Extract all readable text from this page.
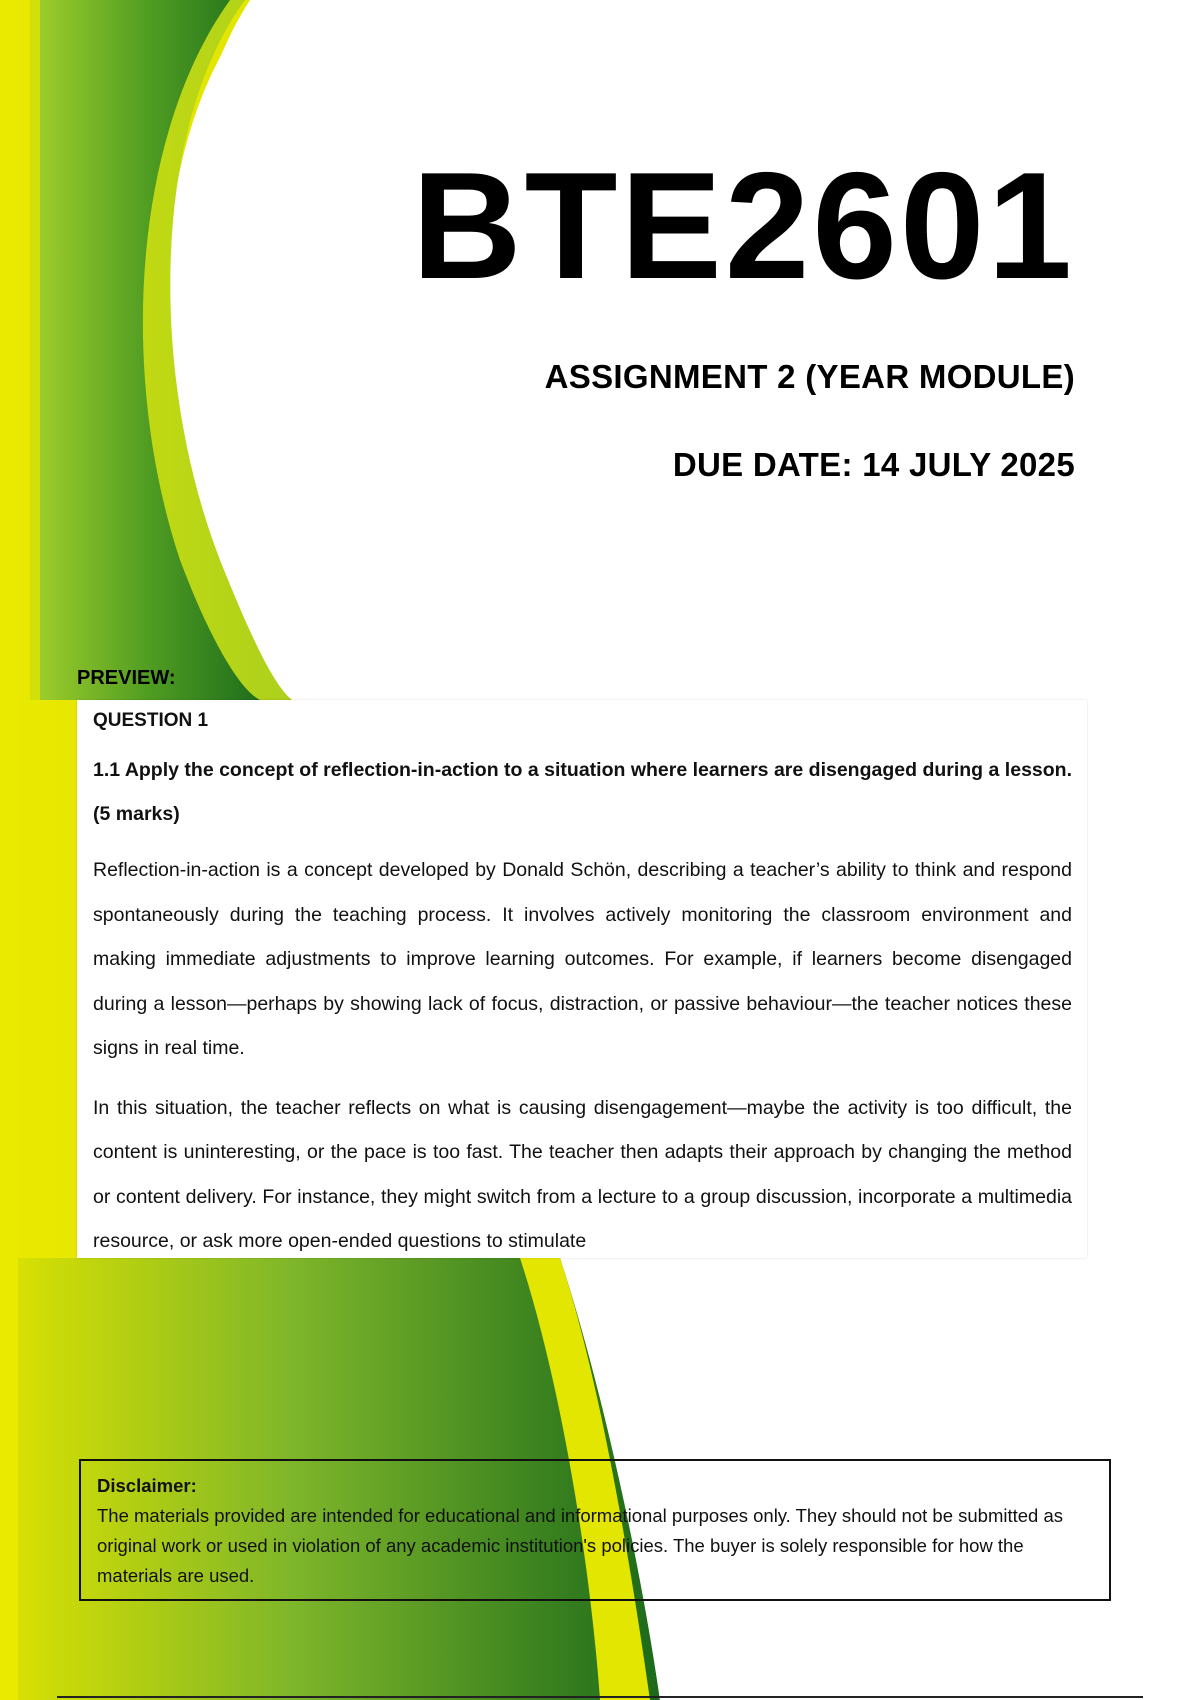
BTE2601
ASSIGNMENT 2 (YEAR MODULE)
DUE DATE: 14 JULY 2025
PREVIEW:
QUESTION 1
1.1 Apply the concept of reflection-in-action to a situation where learners are disengaged during a lesson. (5 marks)

Reflection-in-action is a concept developed by Donald Schön, describing a teacher’s ability to think and respond spontaneously during the teaching process. It involves actively monitoring the classroom environment and making immediate adjustments to improve learning outcomes. For example, if learners become disengaged during a lesson—perhaps by showing lack of focus, distraction, or passive behaviour—the teacher notices these signs in real time.

In this situation, the teacher reflects on what is causing disengagement—maybe the activity is too difficult, the content is uninteresting, or the pace is too fast. The teacher then adapts their approach by changing the method or content delivery. For instance, they might switch from a lecture to a group discussion, incorporate a multimedia resource, or ask more open-ended questions to stimulate

Disclaimer:
The materials provided are intended for educational and informational purposes only. They should not be submitted as original work or used in violation of any academic institution's policies. The buyer is solely responsible for how the materials are used.
